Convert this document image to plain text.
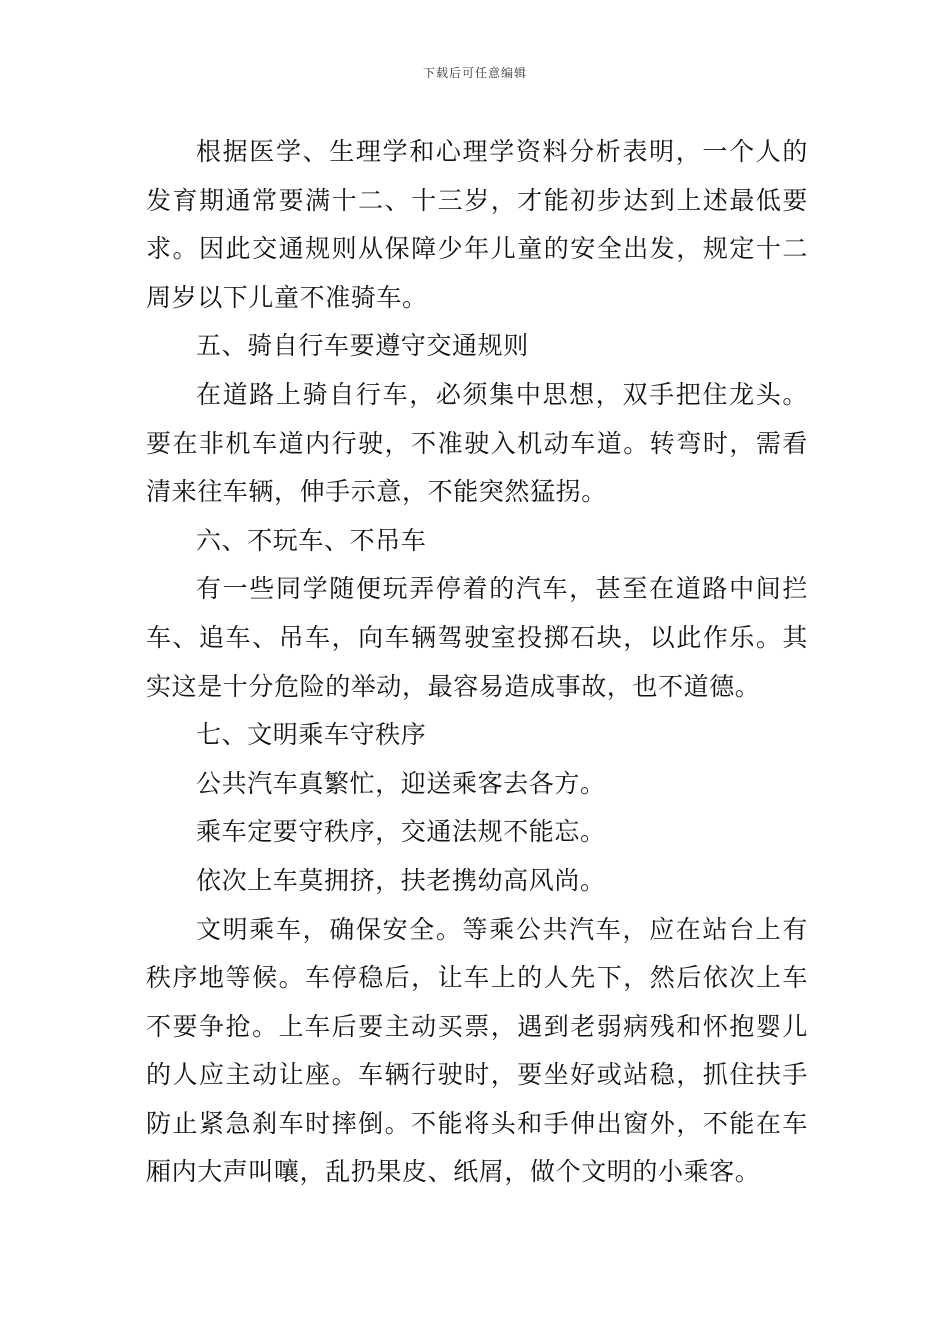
下载后可任意编辑

根据医学、生理学和心理学资料分析表明，一个人的发育期通常要满十二、十三岁，才能初步达到上述最低要求。因此交通规则从保障少年儿童的安全出发，规定十二周岁以下儿童不准骑车。

五、骑自行车要遵守交通规则

在道路上骑自行车，必须集中思想，双手把住龙头。要在非机车道内行驶，不准驶入机动车道。转弯时，需看清来往车辆，伸手示意，不能突然猛拐。

六、不玩车、不吊车

有一些同学随便玩弄停着的汽车，甚至在道路中间拦车、追车、吊车，向车辆驾驶室投掷石块，以此作乐。其实这是十分危险的举动，最容易造成事故，也不道德。

七、文明乘车守秩序

公共汽车真繁忙，迎送乘客去各方。

乘车定要守秩序，交通法规不能忘。

依次上车莫拥挤，扶老携幼高风尚。

文明乘车，确保安全。等乘公共汽车，应在站台上有秩序地等候。车停稳后，让车上的人先下，然后依次上车不要争抢。上车后要主动买票，遇到老弱病残和怀抱婴儿的人应主动让座。车辆行驶时，要坐好或站稳，抓住扶手防止紧急刹车时摔倒。不能将头和手伸出窗外，不能在车厢内大声叫嚷，乱扔果皮、纸屑，做个文明的小乘客。
